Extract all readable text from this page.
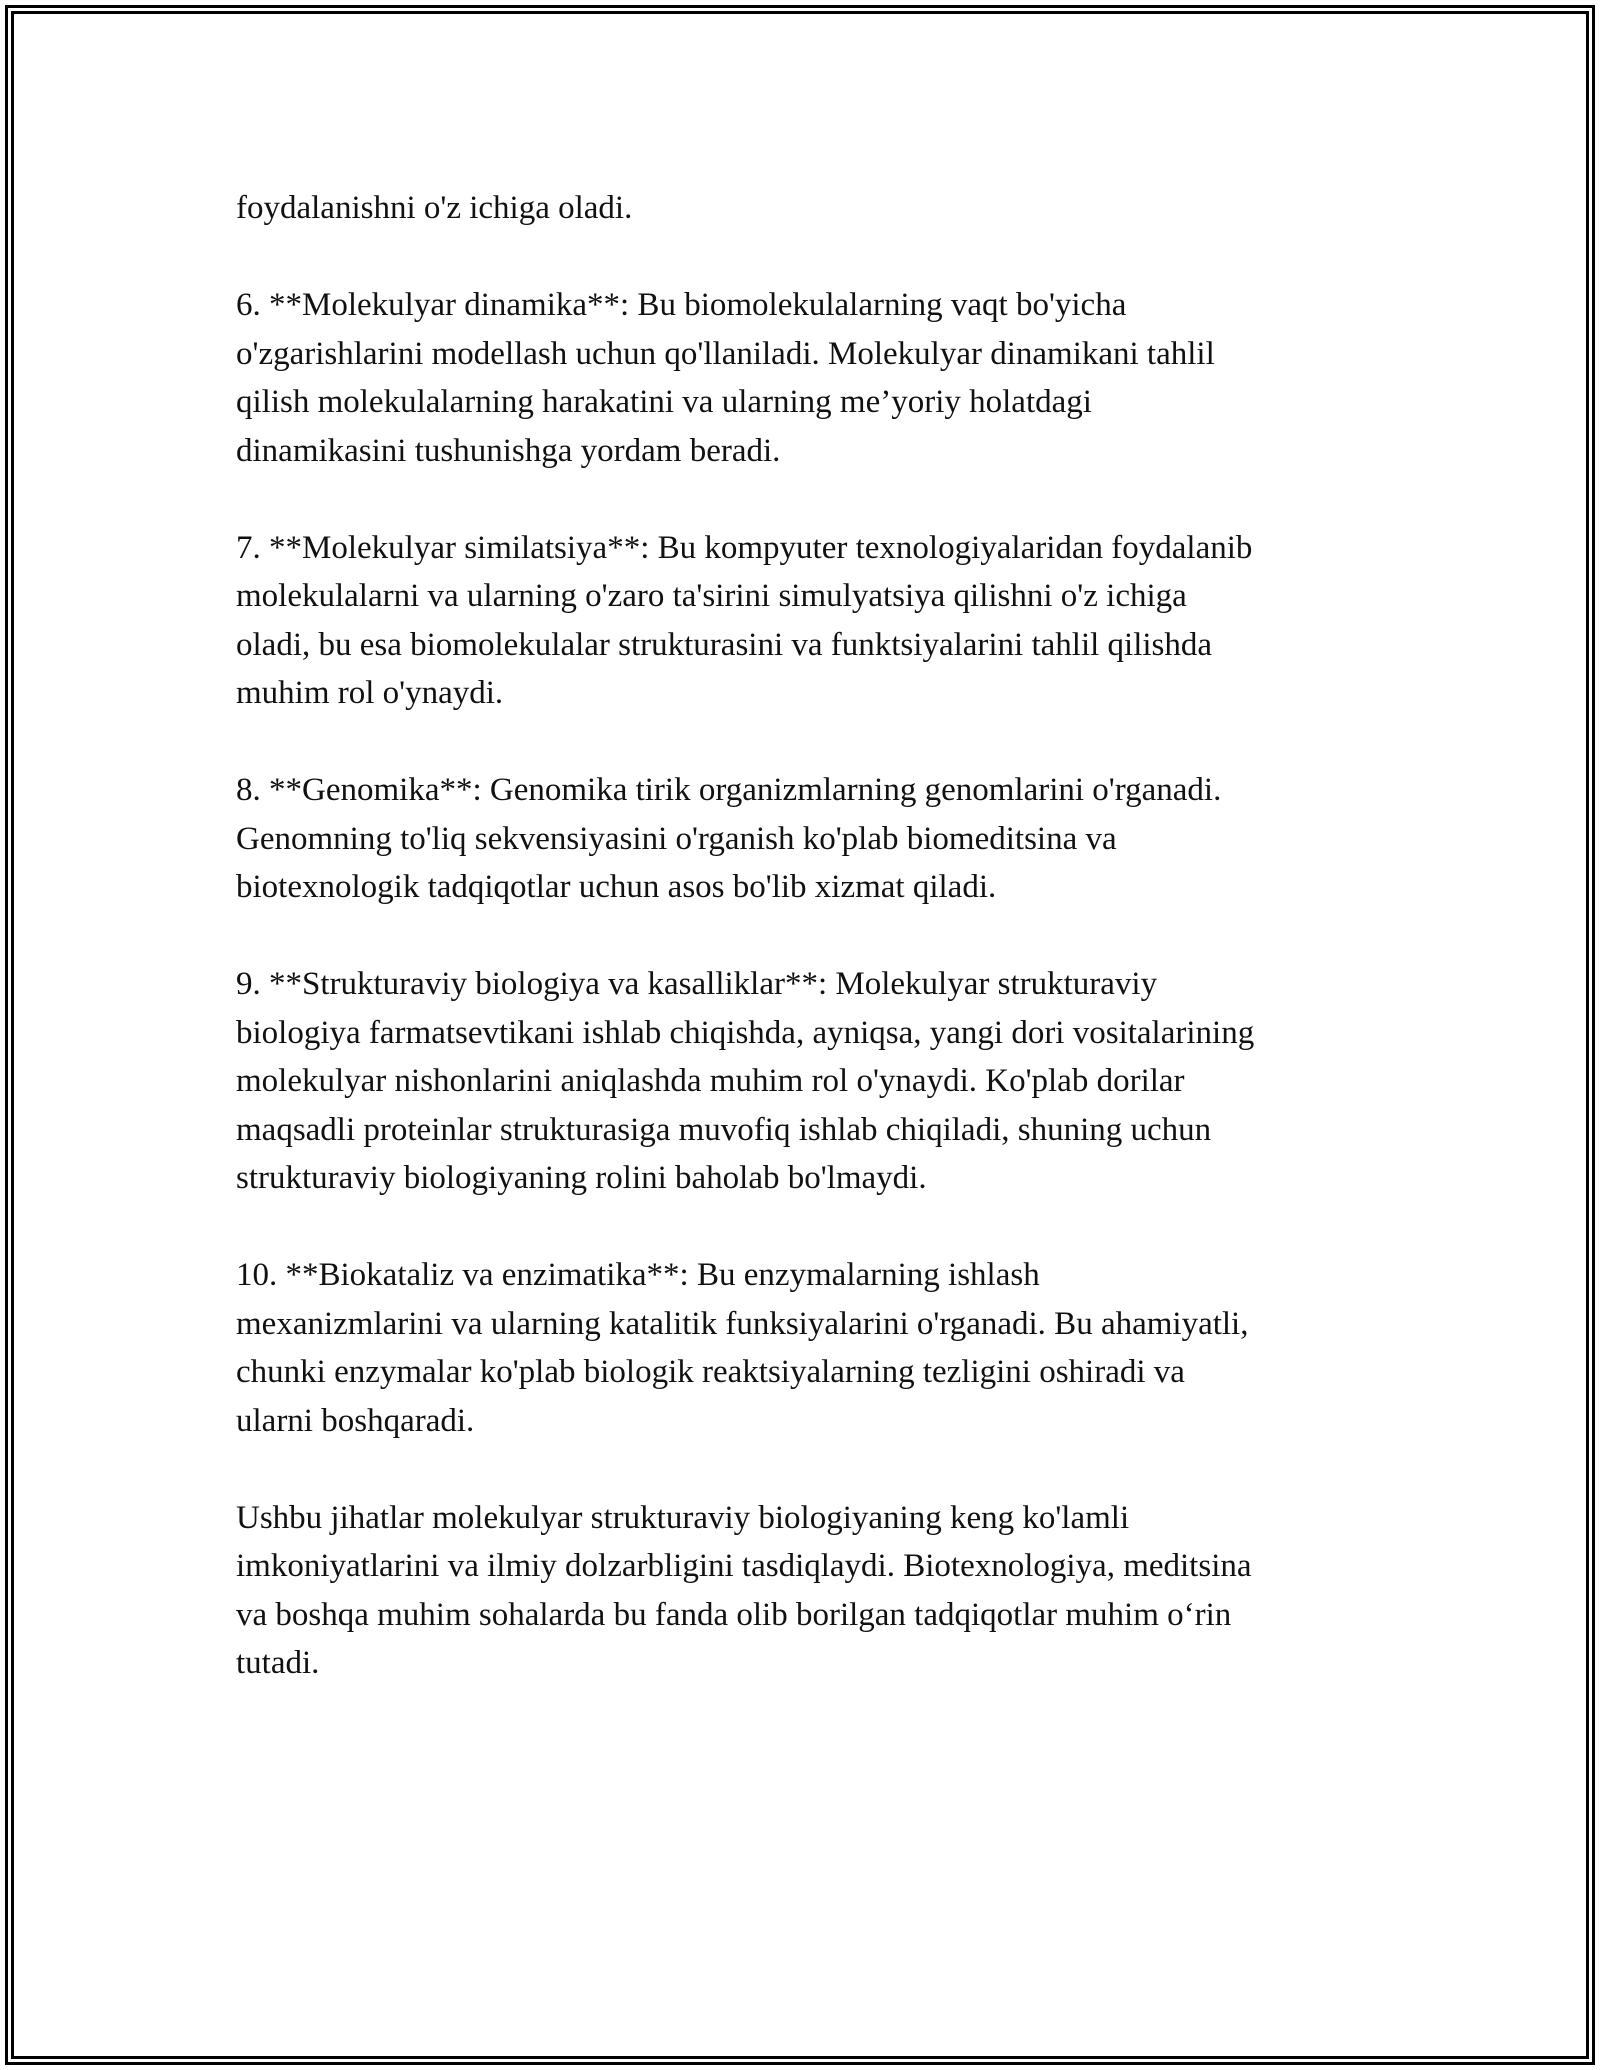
foydalanishni o'z ichiga oladi.

6. **Molekulyar dinamika**: Bu biomolekulalarning vaqt bo'yicha
o'zgarishlarini modellash uchun qo'llaniladi. Molekulyar dinamikani tahlil
qilish molekulalarning harakatini va ularning me’yoriy holatdagi
dinamikasini tushunishga yordam beradi.

7. **Molekulyar similatsiya**: Bu kompyuter texnologiyalaridan foydalanib
molekulalarni va ularning o'zaro ta'sirini simulyatsiya qilishni o'z ichiga
oladi, bu esa biomolekulalar strukturasini va funktsiyalarini tahlil qilishda
muhim rol o'ynaydi.

8. **Genomika**: Genomika tirik organizmlarning genomlarini o'rganadi.
Genomning to'liq sekvensiyasini o'rganish ko'plab biomeditsina va
biotexnologik tadqiqotlar uchun asos bo'lib xizmat qiladi.

9. **Strukturaviy biologiya va kasalliklar**: Molekulyar strukturaviy
biologiya farmatsevtikani ishlab chiqishda, ayniqsa, yangi dori vositalarining
molekulyar nishonlarini aniqlashda muhim rol o'ynaydi. Ko'plab dorilar
maqsadli proteinlar strukturasiga muvofiq ishlab chiqiladi, shuning uchun
strukturaviy biologiyaning rolini baholab bo'lmaydi.

10. **Biokataliz va enzimatika**: Bu enzymalarning ishlash
mexanizmlarini va ularning katalitik funksiyalarini o'rganadi. Bu ahamiyatli,
chunki enzymalar ko'plab biologik reaktsiyalarning tezligini oshiradi va
ularni boshqaradi.

Ushbu jihatlar molekulyar strukturaviy biologiyaning keng ko'lamli
imkoniyatlarini va ilmiy dolzarbligini tasdiqlaydi. Biotexnologiya, meditsina
va boshqa muhim sohalarda bu fanda olib borilgan tadqiqotlar muhim o‘rin
tutadi.
